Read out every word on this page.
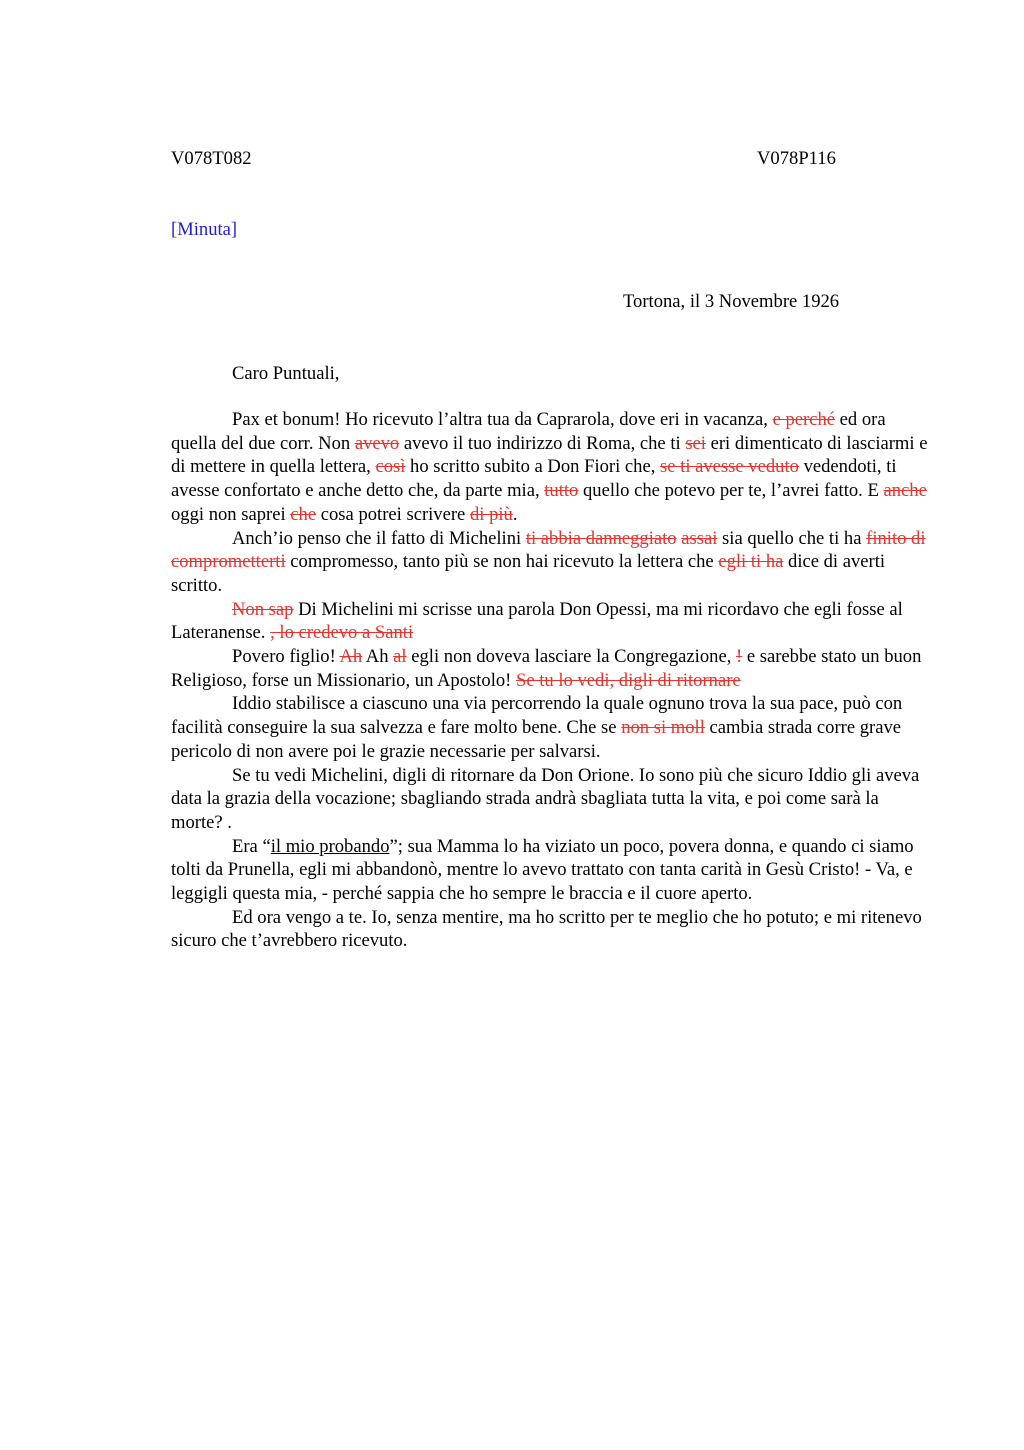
V078T082	V078P116
[Minuta]
Tortona, il 3 Novembre 1926
Caro Puntuali,

Pax et bonum! Ho ricevuto l’altra tua da Caprarola, dove eri in vacanza, e perché ed ora quella del due corr. Non avevo avevo il tuo indirizzo di Roma, che ti sei eri dimenticato di lasciarmi e di mettere in quella lettera, così ho scritto subito a Don Fiori che, se ti avesse veduto vedendoti, ti avesse confortato e anche detto che, da parte mia, tutto quello che potevo per te, l’avrei fatto. E anche oggi non saprei che cosa potrei scrivere di più.

Anch’io penso che il fatto di Michelini ti abbia danneggiato assai sia quello che ti ha finito di comprometterti compromesso, tanto più se non hai ricevuto la lettera che egli ti ha dice di averti scritto.

Non sap Di Michelini mi scrisse una parola Don Opessi, ma mi ricordavo che egli fosse al Lateranense. , lo credevo a Santi

Povero figlio! Ah Ah al egli non doveva lasciare la Congregazione, ! e sarebbe stato un buon Religioso, forse un Missionario, un Apostolo! Se tu lo vedi, digli di ritornare

Iddio stabilisce a ciascuno una via percorrendo la quale ognuno trova la sua pace, può con facilità conseguire la sua salvezza e fare molto bene. Che se non si moll cambia strada corre grave pericolo di non avere poi le grazie necessarie per salvarsi.

Se tu vedi Michelini, digli di ritornare da Don Orione. Io sono più che sicuro Iddio gli aveva data la grazia della vocazione; sbagliando strada andrà sbagliata tutta la vita, e poi come sarà la morte? .

Era “il mio probando”; sua Mamma lo ha viziato un poco, povera donna, e quando ci siamo tolti da Prunella, egli mi abbandonò, mentre lo avevo trattato con tanta carità in Gesù Cristo! - Va, e leggigli questa mia, - perché sappia che ho sempre le braccia e il cuore aperto.

Ed ora vengo a te. Io, senza mentire, ma ho scritto per te meglio che ho potuto; e mi ritenevo sicuro che t’avrebbero ricevuto.
